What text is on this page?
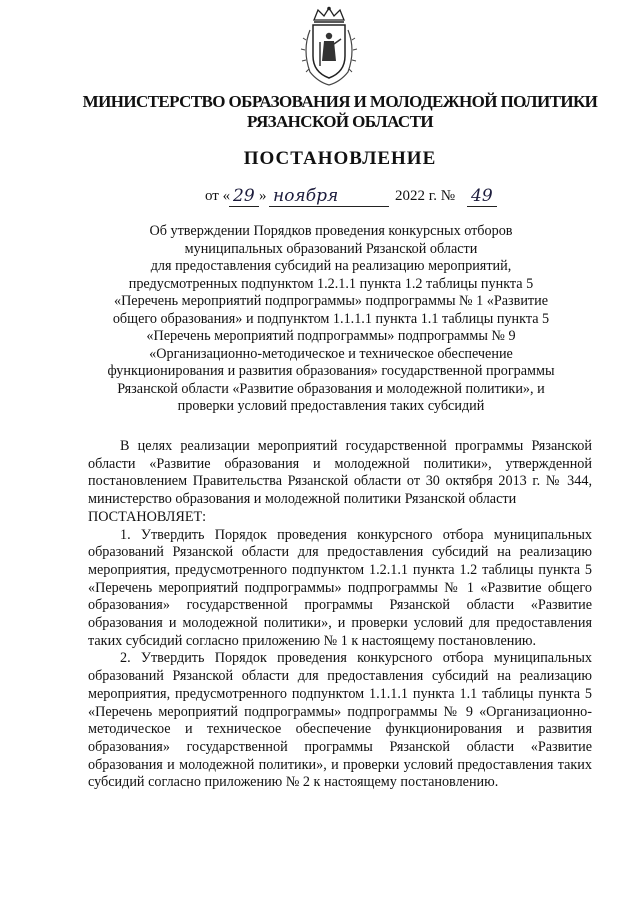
МИНИСТЕРСТВО ОБРАЗОВАНИЯ И МОЛОДЕЖНОЙ ПОЛИТИКИ
РЯЗАНСКОЙ ОБЛАСТИ
ПОСТАНОВЛЕНИЕ
от « 29 » ноября	2022 г. № 49
Об утверждении Порядков проведения конкурсных отборов
муниципальных образований Рязанской области
для предоставления субсидий на реализацию мероприятий,
предусмотренных подпунктом 1.2.1.1 пункта 1.2 таблицы пункта 5
«Перечень мероприятий подпрограммы» подпрограммы № 1 «Развитие
общего образования» и подпунктом 1.1.1.1 пункта 1.1 таблицы пункта 5
«Перечень мероприятий подпрограммы» подпрограммы № 9
«Организационно-методическое и техническое обеспечение
функционирования и развития образования» государственной программы
Рязанской области «Развитие образования и молодежной политики», и
проверки условий предоставления таких субсидий

В целях реализации мероприятий государственной программы Рязанской области «Развитие образования и молодежной политики», утвержденной постановлением Правительства Рязанской области от 30 октября 2013 г. № 344, министерство образования и молодежной политики Рязанской области

ПОСТАНОВЛЯЕТ:

1. Утвердить Порядок проведения конкурсного отбора муниципальных образований Рязанской области для предоставления субсидий на реализацию мероприятия, предусмотренного подпунктом 1.2.1.1 пункта 1.2 таблицы пункта 5 «Перечень мероприятий подпрограммы» подпрограммы № 1 «Развитие общего образования» государственной программы Рязанской области «Развитие образования и молодежной политики», и проверки условий для предоставления таких субсидий согласно приложению № 1 к настоящему постановлению.

2. Утвердить Порядок проведения конкурсного отбора муниципальных образований Рязанской области для предоставления субсидий на реализацию мероприятия, предусмотренного подпунктом 1.1.1.1 пункта 1.1 таблицы пункта 5 «Перечень мероприятий подпрограммы» подпрограммы № 9 «Организационно-методическое и техническое обеспечение функционирования и развития образования» государственной программы Рязанской области «Развитие образования и молодежной политики», и проверки условий предоставления таких субсидий согласно приложению № 2 к настоящему постановлению.
